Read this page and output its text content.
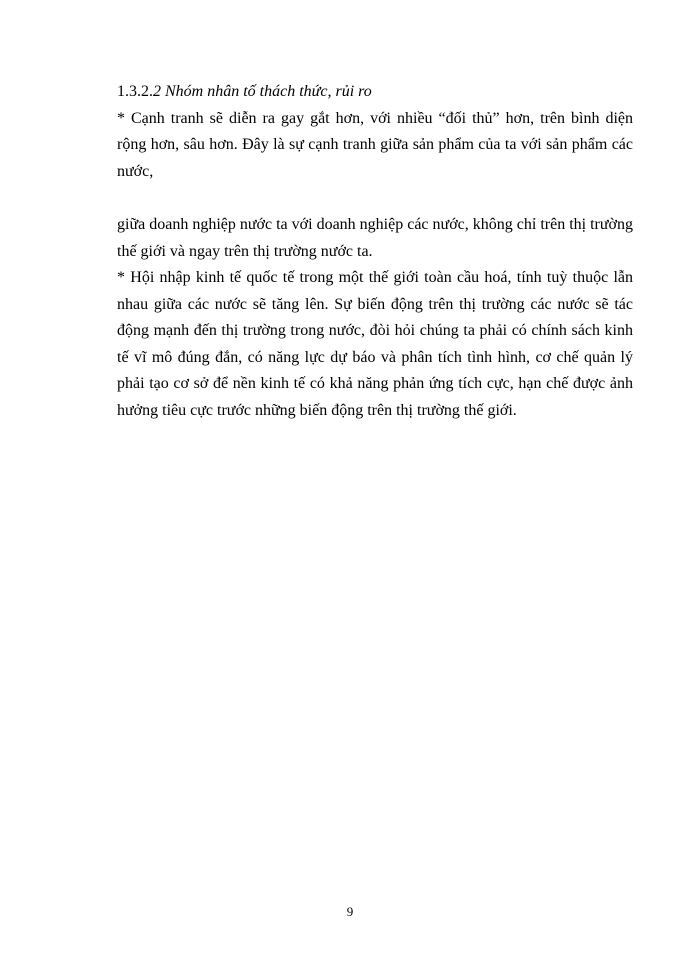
1.3.2.2 Nhóm nhân tố thách thức, rủi ro

* Cạnh tranh sẽ diễn ra gay gắt hơn, với nhiều “đối thủ” hơn, trên bình diện rộng hơn, sâu hơn. Đây là sự cạnh tranh giữa sản phẩm của ta với sản phẩm các nước,

giữa doanh nghiệp nước ta với doanh nghiệp các nước, không chỉ trên thị trường thế giới và ngay trên thị trường nước ta.

* Hội nhập kinh tế quốc tế trong một thế giới toàn cầu hoá, tính tuỳ thuộc lẫn nhau giữa các nước sẽ tăng lên. Sự biến động trên thị trường các nước sẽ tác động mạnh đến thị trường trong nước, đòi hỏi chúng ta phải có chính sách kinh tế vĩ mô đúng đắn, có năng lực dự báo và phân tích tình hình, cơ chế quản lý phải tạo cơ sở để nền kinh tế có khả năng phản ứng tích cực, hạn chế được ảnh hưởng tiêu cực trước những biến động trên thị trường thế giới.

9
